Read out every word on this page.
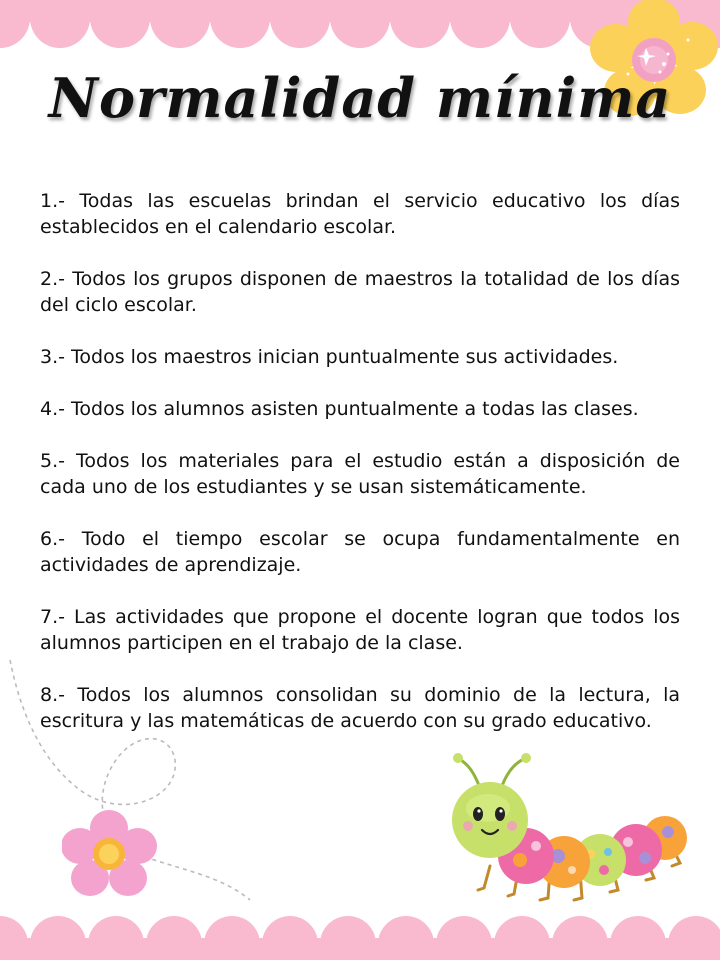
Normalidad mínima

1.- Todas las escuelas brindan el servicio educativo los días establecidos en el calendario escolar.

2.- Todos los grupos disponen de maestros la totalidad de los días del ciclo escolar.

3.- Todos los maestros inician puntualmente sus actividades.

4.- Todos los alumnos asisten puntualmente a todas las clases.

5.- Todos los materiales para el estudio están a disposición de cada uno de los estudiantes y se usan sistemáticamente.

6.- Todo el tiempo escolar se ocupa fundamentalmente en actividades de aprendizaje.

7.- Las actividades que propone el docente logran que todos los alumnos participen en el trabajo de la clase.

8.- Todos los alumnos consolidan su dominio de la lectura, la escritura y las matemáticas de acuerdo con su grado educativo.
